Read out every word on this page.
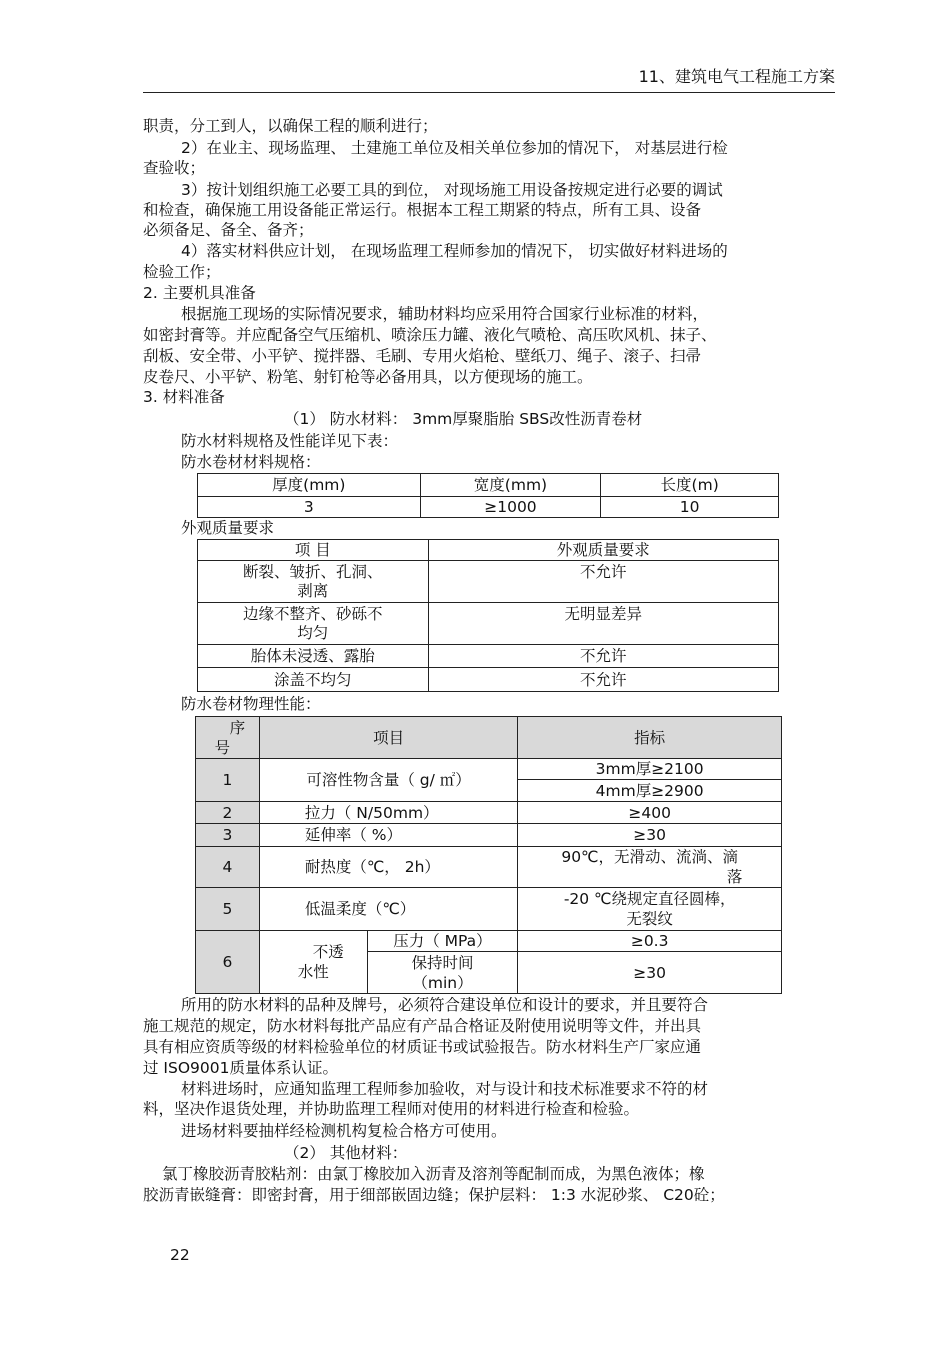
11、建筑电气工程施工方案
职责，分工到人，以确保工程的顺利进行；
2）在业主、现场监理、 土建施工单位及相关单位参加的情况下， 对基层进行检
查验收；
3）按计划组织施工必要工具的到位， 对现场施工用设备按规定进行必要的调试
和检查，确保施工用设备能正常运行。根据本工程工期紧的特点，所有工具、设备
必须备足、备全、备齐；
4）落实材料供应计划， 在现场监理工程师参加的情况下， 切实做好材料进场的
检验工作；
2. 主要机具准备
根据施工现场的实际情况要求，辅助材料均应采用符合国家行业标准的材料，
如密封膏等。并应配备空气压缩机、喷涂压力罐、液化气喷枪、高压吹风机、抹子、
刮板、安全带、小平铲、搅拌器、毛刷、专用火焰枪、壁纸刀、绳子、滚子、扫帚
皮卷尺、小平铲、粉笔、射钉枪等必备用具，以方便现场的施工。
3. 材料准备
（1） 防水材料： 3mm厚聚脂胎 SBS改性沥青卷材
防水材料规格及性能详见下表：
防水卷材材料规格：
厚度(mm)	宽度(mm)	长度(m)
3	≥1000	10
外观质量要求
项 目	外观质量要求
断裂、皱折、孔洞、
剥离	不允许
边缘不整齐、砂砾不
均匀	无明显差异
胎体未浸透、露胎	不允许
涂盖不均匀	不允许
防水卷材物理性能：
序
号	项目		指标
1	可溶性物含量（ g/ ㎡）		3mm厚≥2100
			4mm厚≥2900
2	拉力（ N/50mm）		≥400
3	延伸率（ %）		≥30
4	耐热度（℃， 2h）		90℃，无滑动、流淌、滴
落
5	低温柔度（℃）		-20 ℃绕规定直径圆棒，
无裂纹
6	不透
水性	压力（ MPa）	≥0.3
		保持时间
（min）	≥30
所用的防水材料的品种及牌号，必须符合建设单位和设计的要求，并且要符合
施工规范的规定，防水材料每批产品应有产品合格证及附使用说明等文件，并出具
具有相应资质等级的材料检验单位的材质证书或试验报告。防水材料生产厂家应通
过 ISO9001质量体系认证。
材料进场时，应通知监理工程师参加验收，对与设计和技术标准要求不符的材
料，坚决作退货处理，并协助监理工程师对使用的材料进行检查和检验。
进场材料要抽样经检测机构复检合格方可使用。
（2） 其他材料：
氯丁橡胶沥青胶粘剂：由氯丁橡胶加入沥青及溶剂等配制而成，为黑色液体；橡
胶沥青嵌缝膏：即密封膏，用于细部嵌固边缝；保护层料： 1:3 水泥砂浆、 C20砼；
22
